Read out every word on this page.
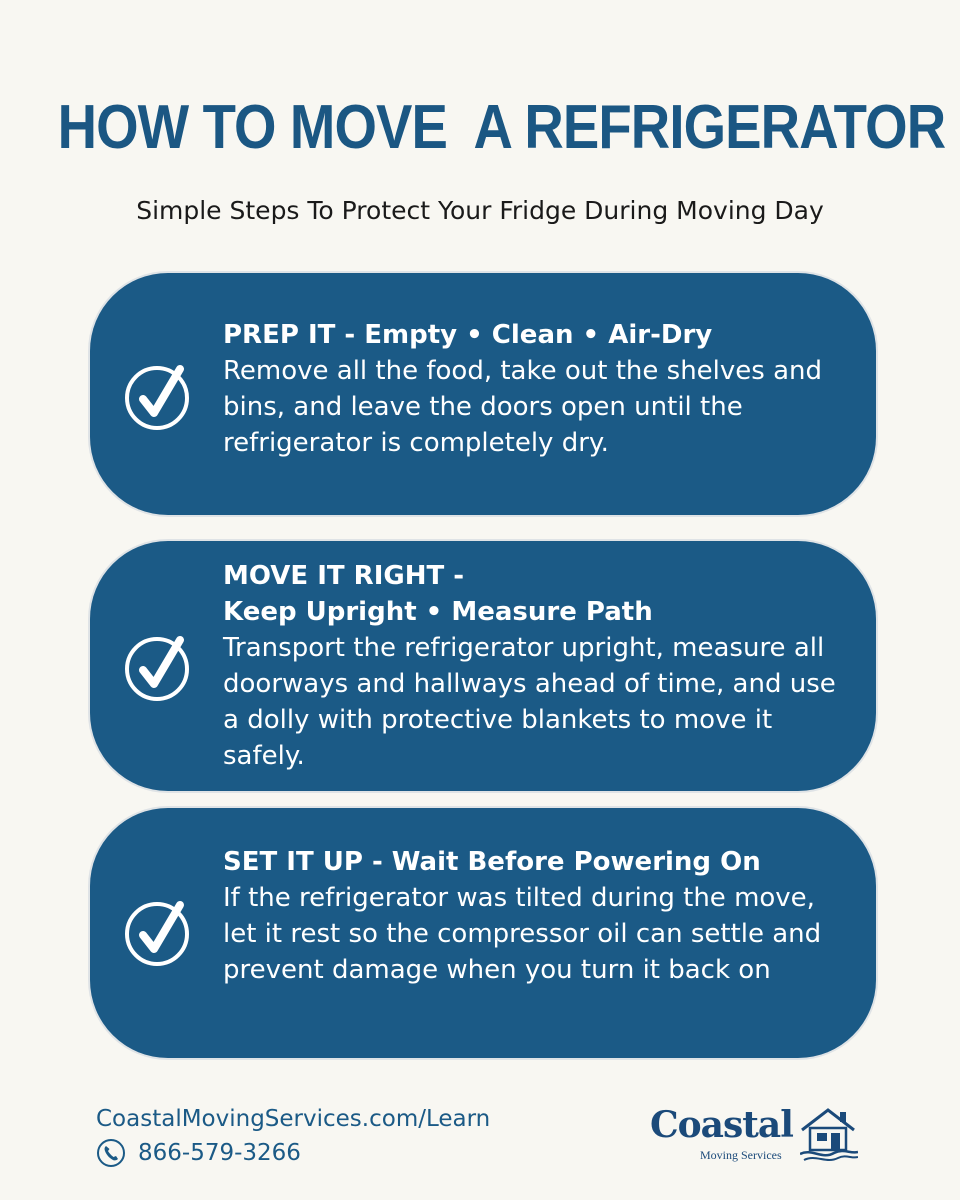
HOW TO MOVE  A REFRIGERATOR
Simple Steps To Protect Your Fridge During Moving Day

PREP IT - Empty • Clean • Air-Dry

Remove all the food, take out the shelves and bins, and leave the doors open until the refrigerator is completely dry.

MOVE IT RIGHT -

Keep Upright • Measure Path

Transport the refrigerator upright, measure all doorways and hallways ahead of time, and use a dolly with protective blankets to move it safely.

SET IT UP - Wait Before Powering On

If the refrigerator was tilted during the move, let it rest so the compressor oil can settle and prevent damage when you turn it back on

CoastalMovingServices.com/Learn
866-579-3266
Coastal
Moving Services
